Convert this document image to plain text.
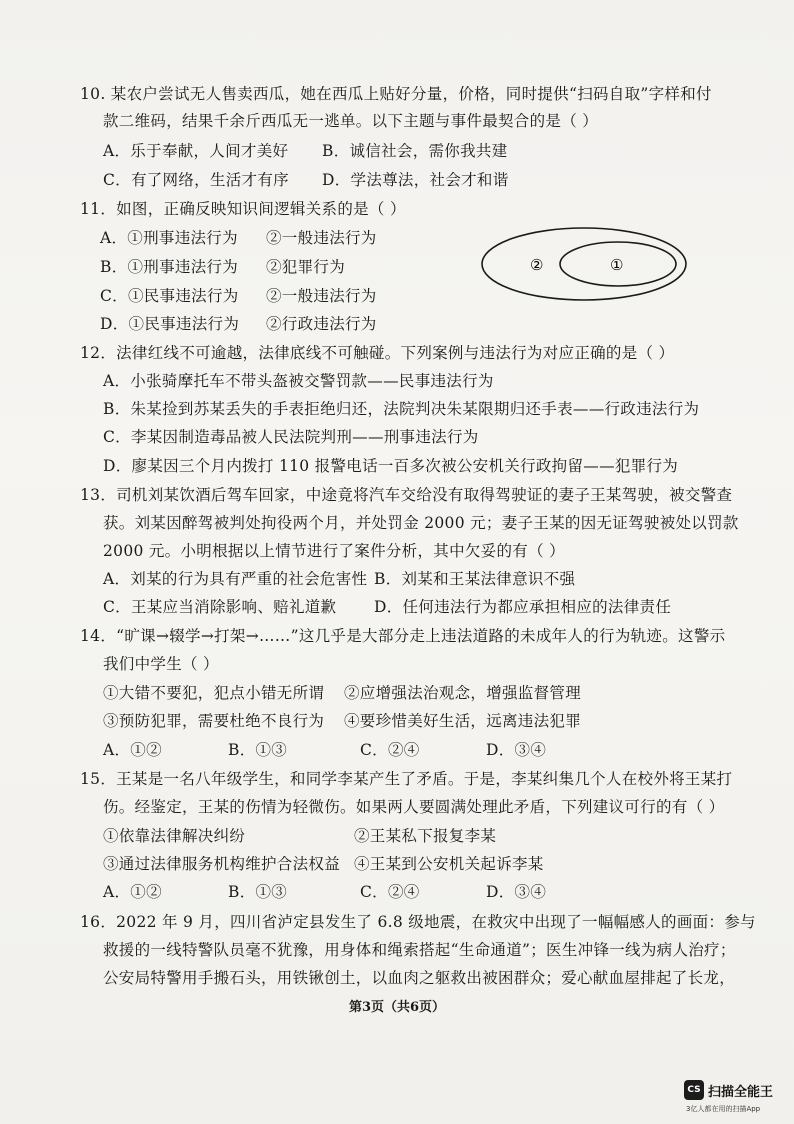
10. 某农户尝试无人售卖西瓜，她在西瓜上贴好分量，价格，同时提供“扫码自取”字样和付
款二维码，结果千余斤西瓜无一逃单。以下主题与事件最契合的是（ ）
A．乐于奉献，人间才美好 B．诚信社会，需你我共建
C．有了网络，生活才有序 D．学法尊法，社会才和谐
11．如图，正确反映知识间逻辑关系的是（ ）
A．①刑事违法行为 ②一般违法行为
B．①刑事违法行为 ②犯罪行为
C．①民事违法行为 ②一般违法行为
D．①民事违法行为 ②行政违法行为
②	①
12．法律红线不可逾越，法律底线不可触碰。下列案例与违法行为对应正确的是（ ）
A．小张骑摩托车不带头盔被交警罚款——民事违法行为
B．朱某捡到苏某丢失的手表拒绝归还，法院判决朱某限期归还手表——行政违法行为
C．李某因制造毒品被人民法院判刑——刑事违法行为
D．廖某因三个月内拨打 110 报警电话一百多次被公安机关行政拘留——犯罪行为
13．司机刘某饮酒后驾车回家，中途竟将汽车交给没有取得驾驶证的妻子王某驾驶，被交警查
获。刘某因醉驾被判处拘役两个月，并处罚金 2000 元；妻子王某的因无证驾驶被处以罚款
2000 元。小明根据以上情节进行了案件分析，其中欠妥的有（ ）
A．刘某的行为具有严重的社会危害性 B．刘某和王某法律意识不强
C．王某应当消除影响、赔礼道歉 D．任何违法行为都应承担相应的法律责任
14．“旷课→辍学→打架→……”这几乎是大部分走上违法道路的未成年人的行为轨迹。这警示
我们中学生（ ）
①大错不要犯，犯点小错无所谓 ②应增强法治观念，增强监督管理
③预防犯罪，需要杜绝不良行为 ④要珍惜美好生活，远离违法犯罪
A．①②	B．①③	C．②④	D．③④
15．王某是一名八年级学生，和同学李某产生了矛盾。于是，李某纠集几个人在校外将王某打
伤。经鉴定，王某的伤情为轻微伤。如果两人要圆满处理此矛盾，下列建议可行的有（ ）
①依靠法律解决纠纷	②王某私下报复李某
③通过法律服务机构维护合法权益 ④王某到公安机关起诉李某
A．①②	B．①③	C．②④	D．③④
16．2022 年 9 月，四川省泸定县发生了 6.8 级地震，在救灾中出现了一幅幅感人的画面：参与
救援的一线特警队员毫不犹豫，用身体和绳索搭起“生命通道”；医生冲锋一线为病人治疗；
公安局特警用手搬石头，用铁锹创土，以血肉之躯救出被困群众；爱心献血屋排起了长龙，
第3页（共6页）
CS 扫描全能王
3亿人都在用的扫描App
